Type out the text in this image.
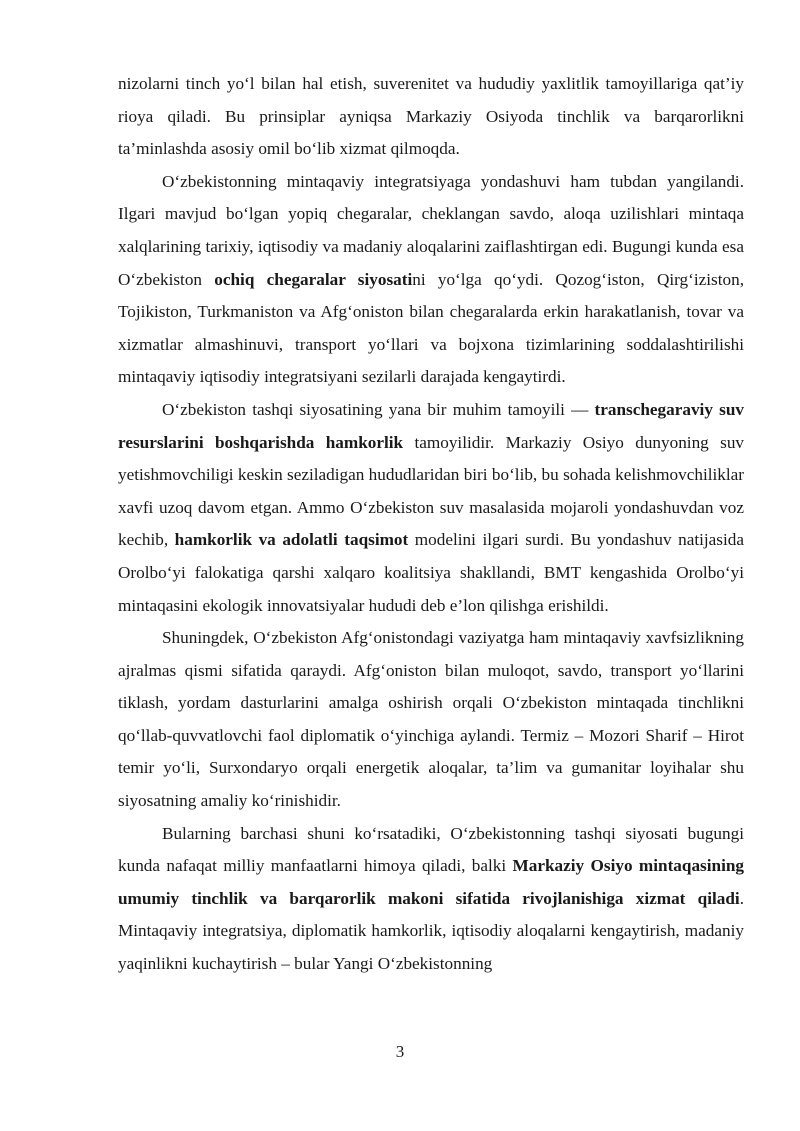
nizolarni tinch yo‘l bilan hal etish, suverenitet va hududiy yaxlitlik tamoyillariga qat’iy rioya qiladi. Bu prinsiplar ayniqsa Markaziy Osiyoda tinchlik va barqarorlikni ta’minlashda asosiy omil bo‘lib xizmat qilmoqda.

O‘zbekistonning mintaqaviy integratsiyaga yondashuvi ham tubdan yangilandi. Ilgari mavjud bo‘lgan yopiq chegaralar, cheklangan savdo, aloqa uzilishlari mintaqa xalqlarining tarixiy, iqtisodiy va madaniy aloqalarini zaiflashtirgan edi. Bugungi kunda esa O‘zbekiston ochiq chegaralar siyosatini yo‘lga qo‘ydi. Qozog‘iston, Qirg‘iziston, Tojikiston, Turkmaniston va Afg‘oniston bilan chegaralarda erkin harakatlanish, tovar va xizmatlar almashinuvi, transport yo‘llari va bojxona tizimlarining soddalashtirilishi mintaqaviy iqtisodiy integratsiyani sezilarli darajada kengaytirdi.

O‘zbekiston tashqi siyosatining yana bir muhim tamoyili — transchegaraviy suv resurslarini boshqarishda hamkorlik tamoyilidir. Markaziy Osiyo dunyoning suv yetishmovchiligi keskin seziladigan hududlaridan biri bo‘lib, bu sohada kelishmovchiliklar xavfi uzoq davom etgan. Ammo O‘zbekiston suv masalasida mojaroli yondashuvdan voz kechib, hamkorlik va adolatli taqsimot modelini ilgari surdi. Bu yondashuv natijasida Orolbo‘yi falokatiga qarshi xalqaro koalitsiya shakllandi, BMT kengashida Orolbo‘yi mintaqasini ekologik innovatsiyalar hududi deb e’lon qilishga erishildi.

Shuningdek, O‘zbekiston Afg‘onistondagi vaziyatga ham mintaqaviy xavfsizlikning ajralmas qismi sifatida qaraydi. Afg‘oniston bilan muloqot, savdo, transport yo‘llarini tiklash, yordam dasturlarini amalga oshirish orqali O‘zbekiston mintaqada tinchlikni qo‘llab-quvvatlovchi faol diplomatik o‘yinchiga aylandi. Termiz – Mozori Sharif – Hirot temir yo‘li, Surxondaryo orqali energetik aloqalar, ta’lim va gumanitar loyihalar shu siyosatning amaliy ko‘rinishidir.

Bularning barchasi shuni ko‘rsatadiki, O‘zbekistonning tashqi siyosati bugungi kunda nafaqat milliy manfaatlarni himoya qiladi, balki Markaziy Osiyo mintaqasining umumiy tinchlik va barqarorlik makoni sifatida rivojlanishiga xizmat qiladi. Mintaqaviy integratsiya, diplomatik hamkorlik, iqtisodiy aloqalarni kengaytirish, madaniy yaqinlikni kuchaytirish – bular Yangi O‘zbekistonning

3
